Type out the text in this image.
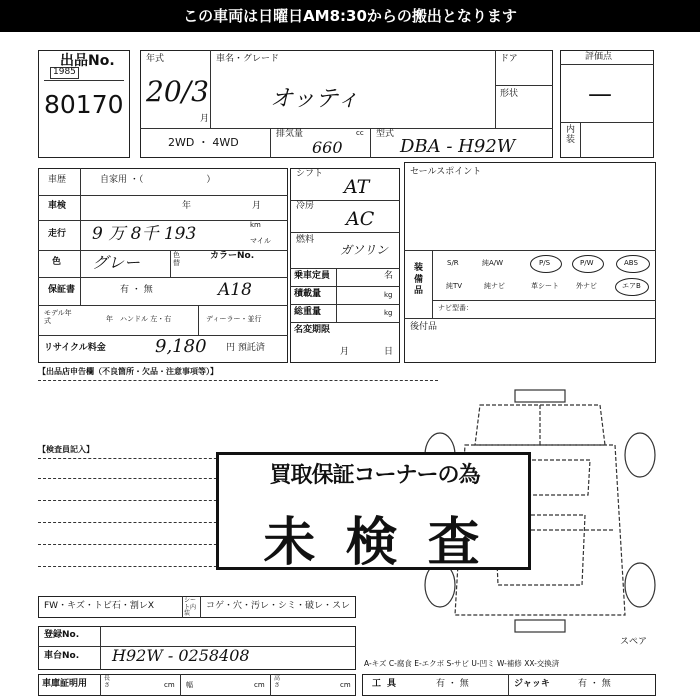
この車両は日曜日AM8:30からの搬出となります
出品No.
1985
80170
年式
20/3
月
車名・グレード
オッティ
ドア
形状
2WD ・ 4WD
排気量	cc
660
型式
DBA - H92W
評価点
—
内装
車歴	自家用 ・（　　　　　　　）
車検	年	月
走行 9 万 8千 193	km
マイル
色 グレー	色替
カラーNo.
A18
保証書	有 ・ 無
モデル年式	年 ハンドル 左・右	ディーラー・並行
リサイクル料金	9,180 円 預託済
シフト
AT
冷房
AC
燃料
ガソリン
乗車定員	名
積載量	kg
総重量	kg
名変期限
月	日
セールスポイント
装備品
S/R	純A/W	P/S	P/W	ABS
純TV	純ナビ	革シート 外ナビ	エアB
ナビ型番：
後付品
【出品店申告欄（不良箇所・欠品・注意事項等）】
【検査員記入】
買取保証コーナーの為
未 検 査
FW・キズ・トビ石・割レX
シート内装
コゲ・穴・汚レ・シミ・破レ・スレ
登録No.
車台No. H92W - 0258408
車庫証明用
長さ	cm 幅	cm
高さ	cm
スペア
A-キズ C-腐食 E-エクボ S-サビ U-凹ミ W-補修 XX-交換済
工具	有 ・ 無	ジャッキ	有 ・ 無
